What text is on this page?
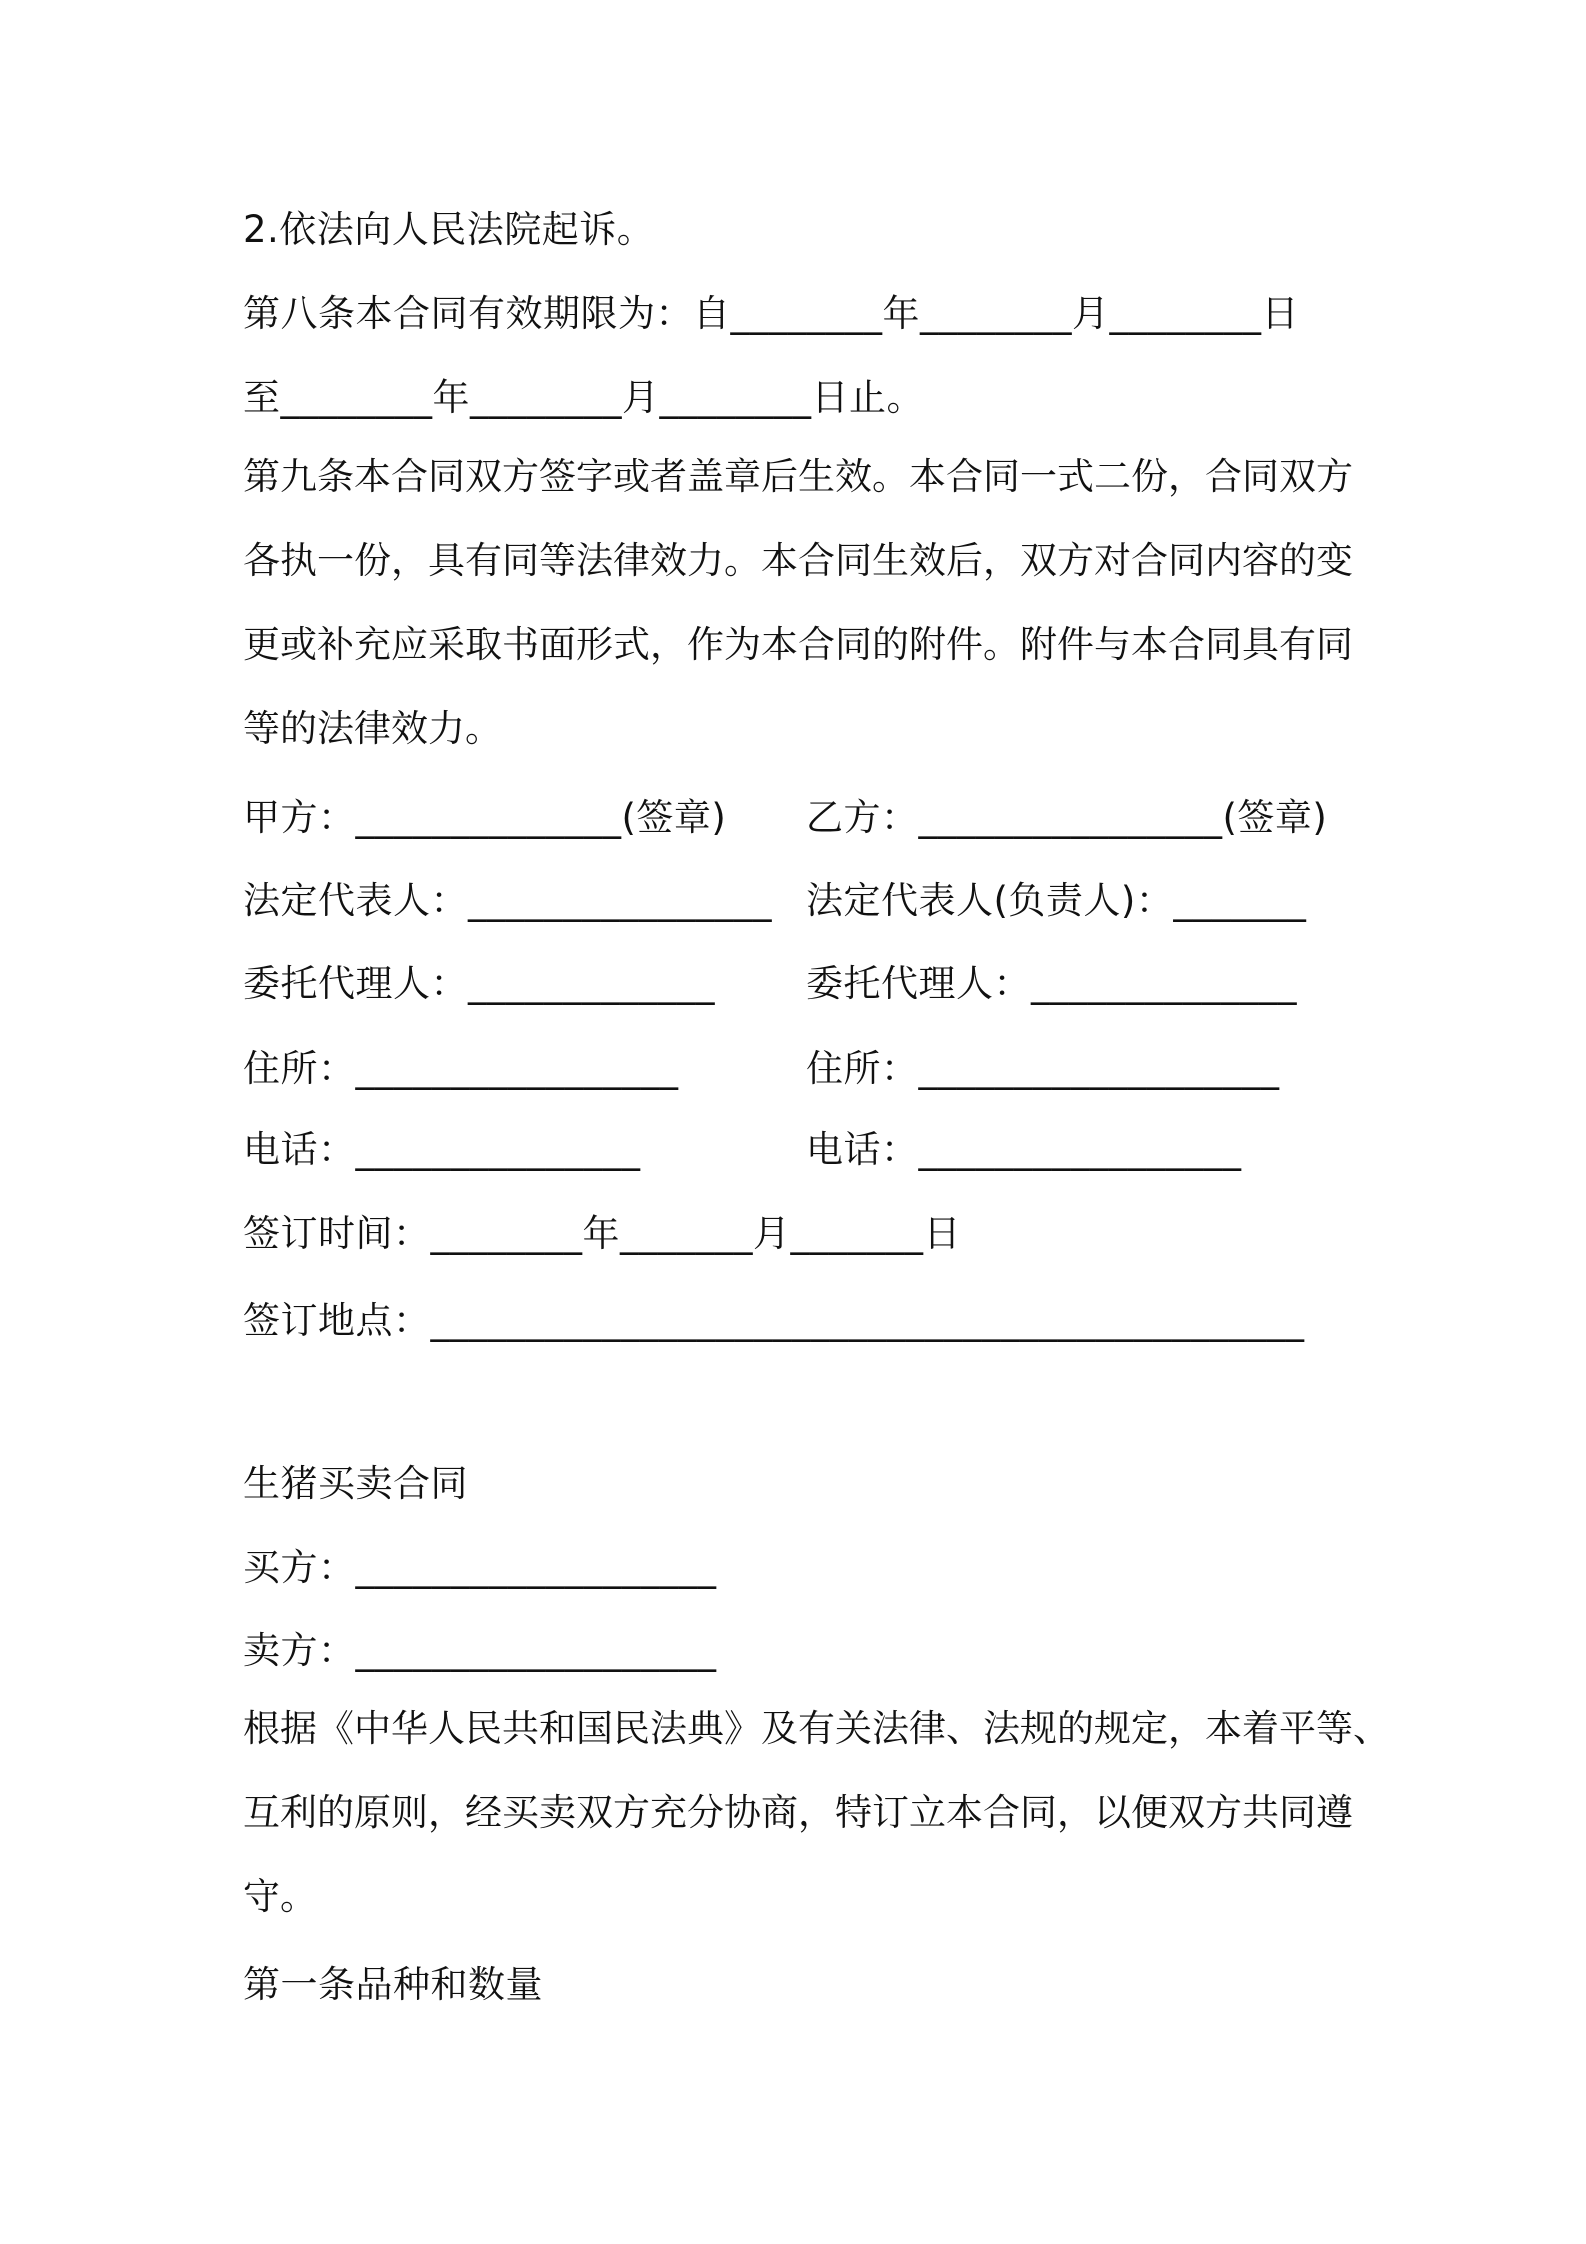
2.依法向人民法院起诉。
第八条本合同有效期限为：自________年________月________日
至________年________月________日止。
第九条本合同双方签字或者盖章后生效。本合同一式二份，合同双方
各执一份，具有同等法律效力。本合同生效后，双方对合同内容的变
更或补充应采取书面形式，作为本合同的附件。附件与本合同具有同
等的法律效力。
甲方：______________(签章) 乙方：________________(签章)
法定代表人：________________ 法定代表人(负责人)：_______
委托代理人：_____________ 委托代理人：______________
住所：_________________	住所：___________________
电话：_______________	电话：_________________
签订时间：________年_______月_______日
签订地点：______________________________________________
生猪买卖合同
买方：___________________
卖方：___________________
根据《中华人民共和国民法典》及有关法律、法规的规定，本着平等、
互利的原则，经买卖双方充分协商，特订立本合同，以便双方共同遵
守。
第一条品种和数量
